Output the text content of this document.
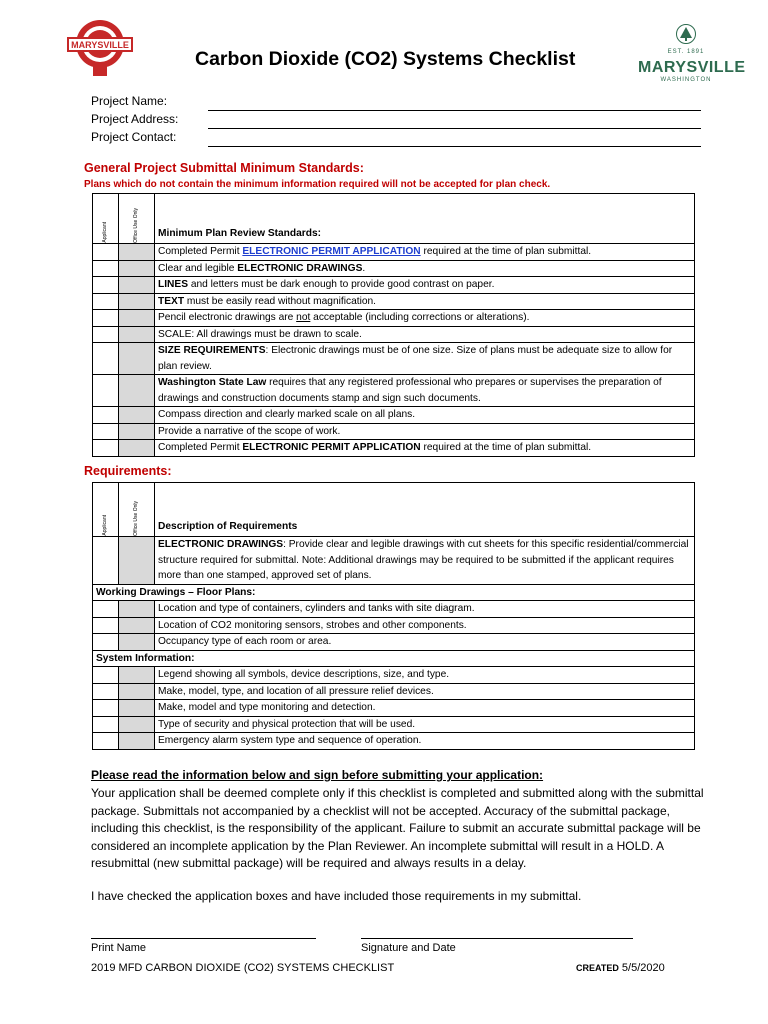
MARYSVILLE
EST. 1891
MARYSVILLE
WASHINGTON
Carbon Dioxide (CO2) Systems Checklist
Project Name:
Project Address:
Project Contact:
General Project Submittal Minimum Standards:
Plans which do not contain the minimum information required will not be accepted for plan check.
Applicant	Office Use Only	Minimum Plan Review Standards:
		Completed Permit ELECTRONIC PERMIT APPLICATION required at the time of plan submittal.
		Clear and legible ELECTRONIC DRAWINGS.
		LINES and letters must be dark enough to provide good contrast on paper.
		TEXT must be easily read without magnification.
		Pencil electronic drawings are not acceptable (including corrections or alterations).
		SCALE: All drawings must be drawn to scale.
		SIZE REQUIREMENTS: Electronic drawings must be of one size. Size of plans must be adequate size to allow for plan review.
		Washington State Law requires that any registered professional who prepares or supervises the preparation of drawings and construction documents stamp and sign such documents.
		Compass direction and clearly marked scale on all plans.
		Provide a narrative of the scope of work.
		Completed Permit ELECTRONIC PERMIT APPLICATION required at the time of plan submittal.
Requirements:
Applicant	Office Use Only	Description of Requirements
		ELECTRONIC DRAWINGS: Provide clear and legible drawings with cut sheets for this specific residential/commercial structure required for submittal. Note: Additional drawings may be required to be submitted if the applicant requires more than one stamped, approved set of plans.
Working Drawings – Floor Plans:		
		Location and type of containers, cylinders and tanks with site diagram.
		Location of CO2 monitoring sensors, strobes and other components.
		Occupancy type of each room or area.
System Information:		
		Legend showing all symbols, device descriptions, size, and type.
		Make, model, type, and location of all pressure relief devices.
		Make, model and type monitoring and detection.
		Type of security and physical protection that will be used.
		Emergency alarm system type and sequence of operation.
Please read the information below and sign before submitting your application:
Your application shall be deemed complete only if this checklist is completed and submitted along with the submittal package. Submittals not accompanied by a checklist will not be accepted. Accuracy of the submittal package, including this checklist, is the responsibility of the applicant. Failure to submit an accurate submittal package will be considered an incomplete application by the Plan Reviewer. An incomplete submittal will result in a HOLD. A resubmittal (new submittal package) will be required and always results in a delay.
I have checked the application boxes and have included those requirements in my submittal.
Print Name	Signature and Date
2019 MFD CARBON DIOXIDE (CO2) SYSTEMS CHECKLIST	CREATED 5/5/2020
